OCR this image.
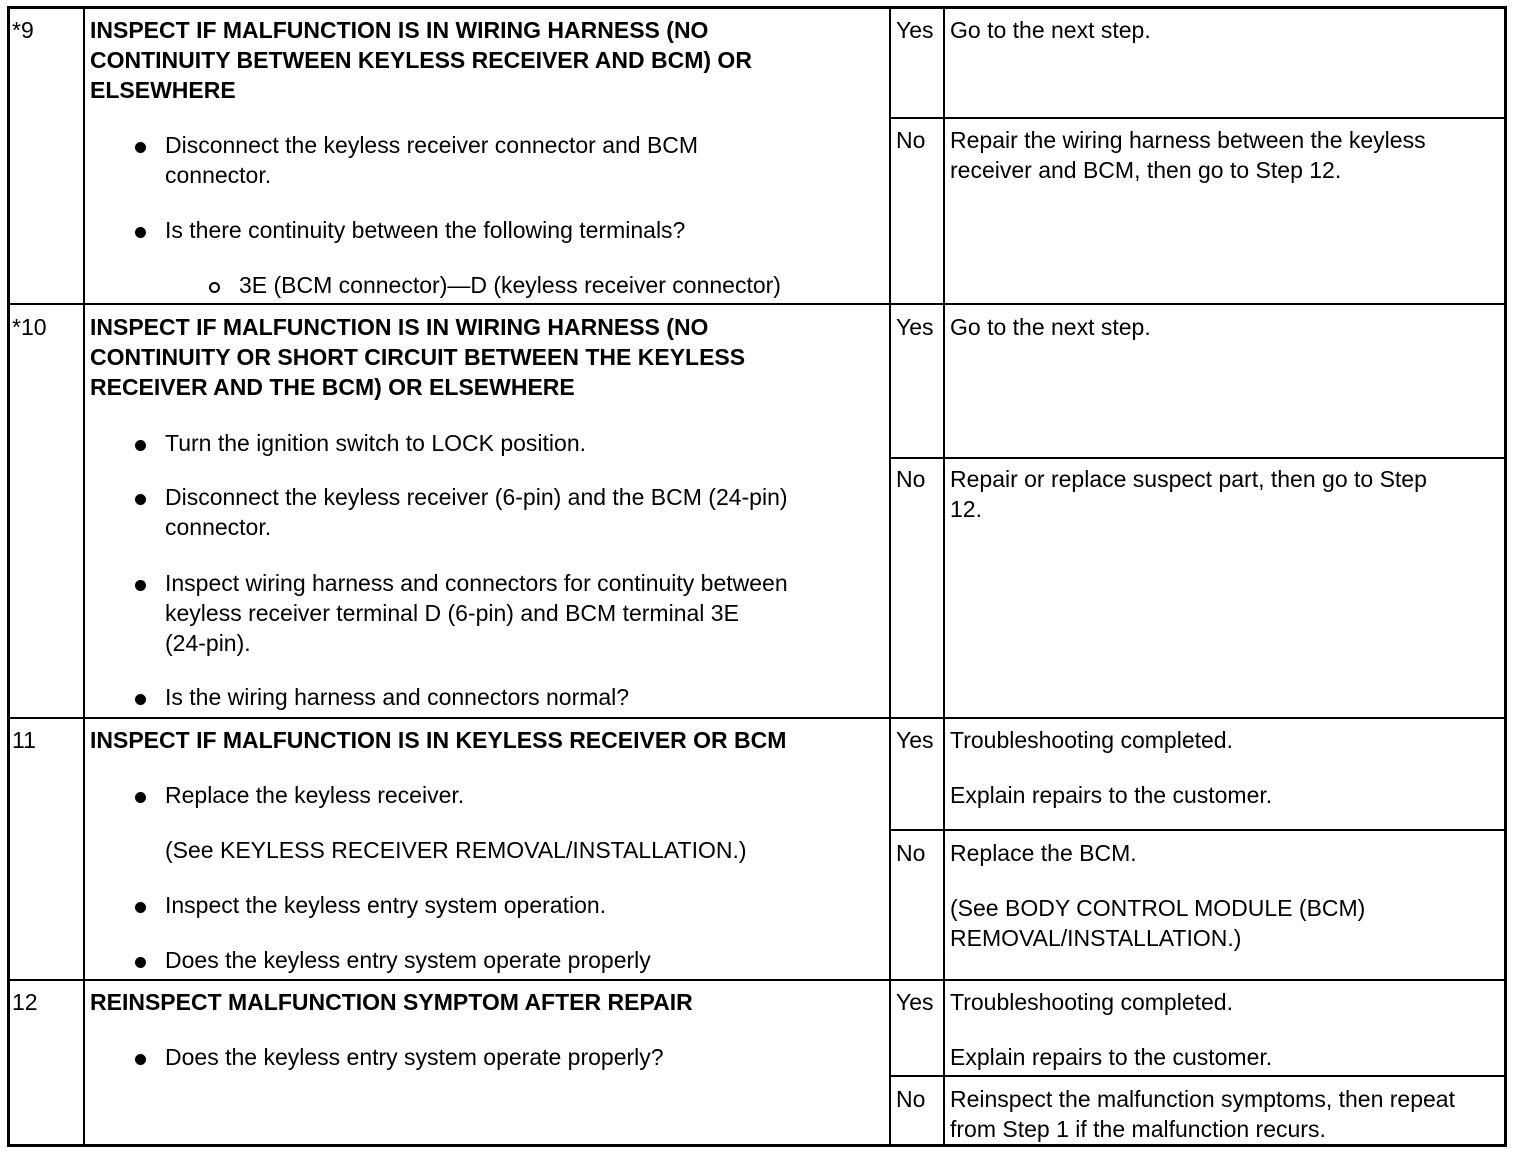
*9 INSPECT IF MALFUNCTION IS IN WIRING HARNESS (NO
CONTINUITY BETWEEN KEYLESS RECEIVER AND BCM) OR
ELSEWHERE
Disconnect the keyless receiver connector and BCM
connector.
Is there continuity between the following terminals?
3E (BCM connector)—D (keyless receiver connector)
Yes Go to the next step.
No Repair the wiring harness between the keyless
receiver and BCM, then go to Step 12.
*10 INSPECT IF MALFUNCTION IS IN WIRING HARNESS (NO
CONTINUITY OR SHORT CIRCUIT BETWEEN THE KEYLESS
RECEIVER AND THE BCM) OR ELSEWHERE
Turn the ignition switch to LOCK position.
Disconnect the keyless receiver (6-pin) and the BCM (24-pin)
connector.
Inspect wiring harness and connectors for continuity between
keyless receiver terminal D (6-pin) and BCM terminal 3E
(24-pin).
Is the wiring harness and connectors normal?
Yes Go to the next step.
No Repair or replace suspect part, then go to Step
12.
11 INSPECT IF MALFUNCTION IS IN KEYLESS RECEIVER OR BCM
Replace the keyless receiver.
(See KEYLESS RECEIVER REMOVAL/INSTALLATION.)
Inspect the keyless entry system operation.
Does the keyless entry system operate properly
Yes Troubleshooting completed.
Explain repairs to the customer.
No Replace the BCM.
(See BODY CONTROL MODULE (BCM)
REMOVAL/INSTALLATION.)
12 REINSPECT MALFUNCTION SYMPTOM AFTER REPAIR
Does the keyless entry system operate properly?
Yes Troubleshooting completed.
Explain repairs to the customer.
No Reinspect the malfunction symptoms, then repeat
from Step 1 if the malfunction recurs.
